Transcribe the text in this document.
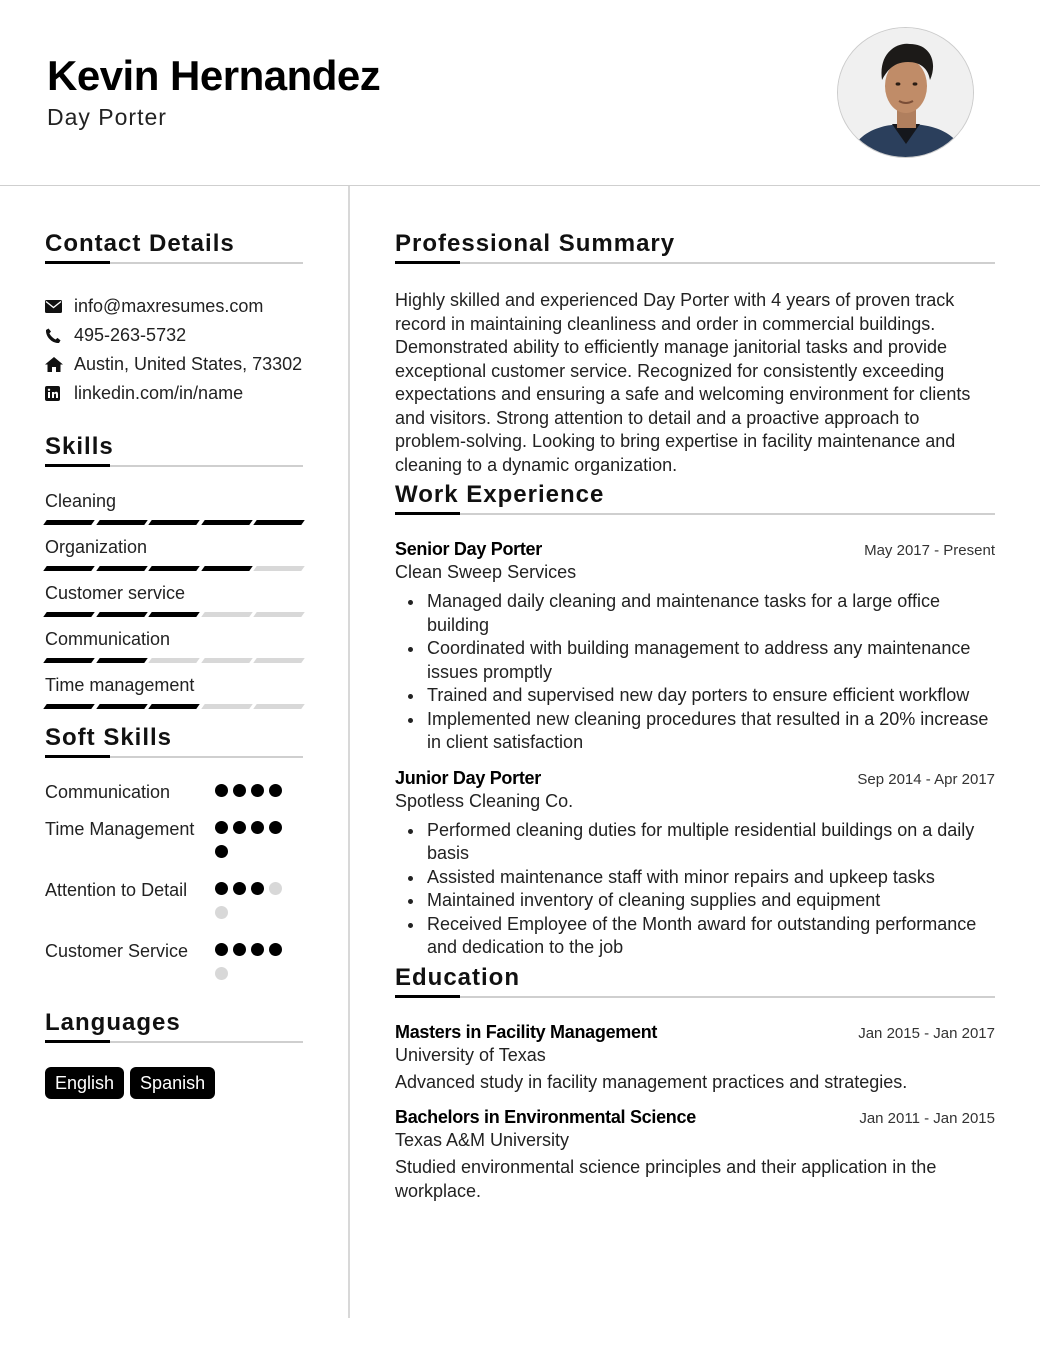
Kevin Hernandez
Day Porter
Contact Details
info@maxresumes.com
495-263-5732
Austin, United States, 73302
linkedin.com/in/name
Skills
Cleaning
Organization
Customer service
Communication
Time management
Soft Skills
Communication
Time Management
Attention to Detail
Customer Service
Languages
English	Spanish
Professional Summary
Highly skilled and experienced Day Porter with 4 years of proven track record in maintaining cleanliness and order in commercial buildings. Demonstrated ability to efficiently manage janitorial tasks and provide exceptional customer service. Recognized for consistently exceeding expectations and ensuring a safe and welcoming environment for clients and visitors. Strong attention to detail and a proactive approach to problem-solving. Looking to bring expertise in facility maintenance and cleaning to a dynamic organization.
Work Experience
Senior Day Porter	May 2017 - Present
Clean Sweep Services
Managed daily cleaning and maintenance tasks for a large office building
Coordinated with building management to address any maintenance issues promptly
Trained and supervised new day porters to ensure efficient workflow
Implemented new cleaning procedures that resulted in a 20% increase in client satisfaction
Junior Day Porter	Sep 2014 - Apr 2017
Spotless Cleaning Co.
Performed cleaning duties for multiple residential buildings on a daily basis
Assisted maintenance staff with minor repairs and upkeep tasks
Maintained inventory of cleaning supplies and equipment
Received Employee of the Month award for outstanding performance and dedication to the job
Education
Masters in Facility Management	Jan 2015 - Jan 2017
University of Texas
Advanced study in facility management practices and strategies.
Bachelors in Environmental Science	Jan 2011 - Jan 2015
Texas A&M University
Studied environmental science principles and their application in the workplace.
